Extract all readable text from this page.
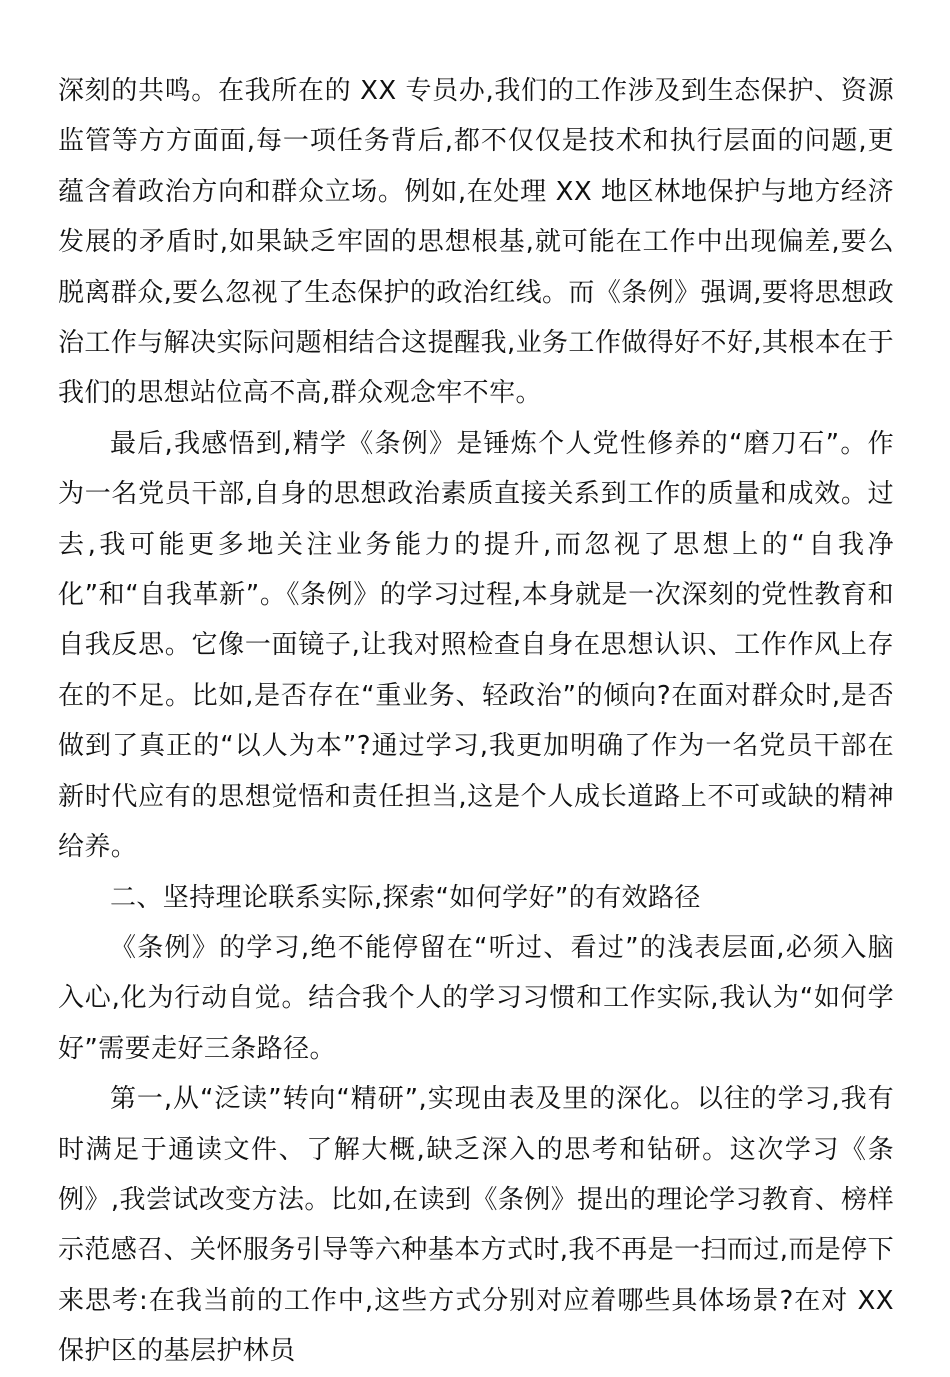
深刻的共鸣。在我所在的 XX 专员办,我们的工作涉及到生态保护、资源监管等方方面面,每一项任务背后,都不仅仅是技术和执行层面的问题,更蕴含着政治方向和群众立场。例如,在处理 XX 地区林地保护与地方经济发展的矛盾时,如果缺乏牢固的思想根基,就可能在工作中出现偏差,要么脱离群众,要么忽视了生态保护的政治红线。而《条例》强调,要将思想政治工作与解决实际问题相结合这提醒我,业务工作做得好不好,其根本在于我们的思想站位高不高,群众观念牢不牢。

最后,我感悟到,精学《条例》是锤炼个人党性修养的“磨刀石”。作为一名党员干部,自身的思想政治素质直接关系到工作的质量和成效。过去,我可能更多地关注业务能力的提升,而忽视了思想上的“自我净化”和“自我革新”。《条例》的学习过程,本身就是一次深刻的党性教育和自我反思。它像一面镜子,让我对照检查自身在思想认识、工作作风上存在的不足。比如,是否存在“重业务、轻政治”的倾向?在面对群众时,是否做到了真正的“以人为本”?通过学习,我更加明确了作为一名党员干部在新时代应有的思想觉悟和责任担当,这是个人成长道路上不可或缺的精神给养。

二、坚持理论联系实际,探索“如何学好”的有效路径

《条例》的学习,绝不能停留在“听过、看过”的浅表层面,必须入脑入心,化为行动自觉。结合我个人的学习习惯和工作实际,我认为“如何学好”需要走好三条路径。

第一,从“泛读”转向“精研”,实现由表及里的深化。以往的学习,我有时满足于通读文件、了解大概,缺乏深入的思考和钻研。这次学习《条例》,我尝试改变方法。比如,在读到《条例》提出的理论学习教育、榜样示范感召、关怀服务引导等六种基本方式时,我不再是一扫而过,而是停下来思考:在我当前的工作中,这些方式分别对应着哪些具体场景?在对 XX 保护区的基层护林员
